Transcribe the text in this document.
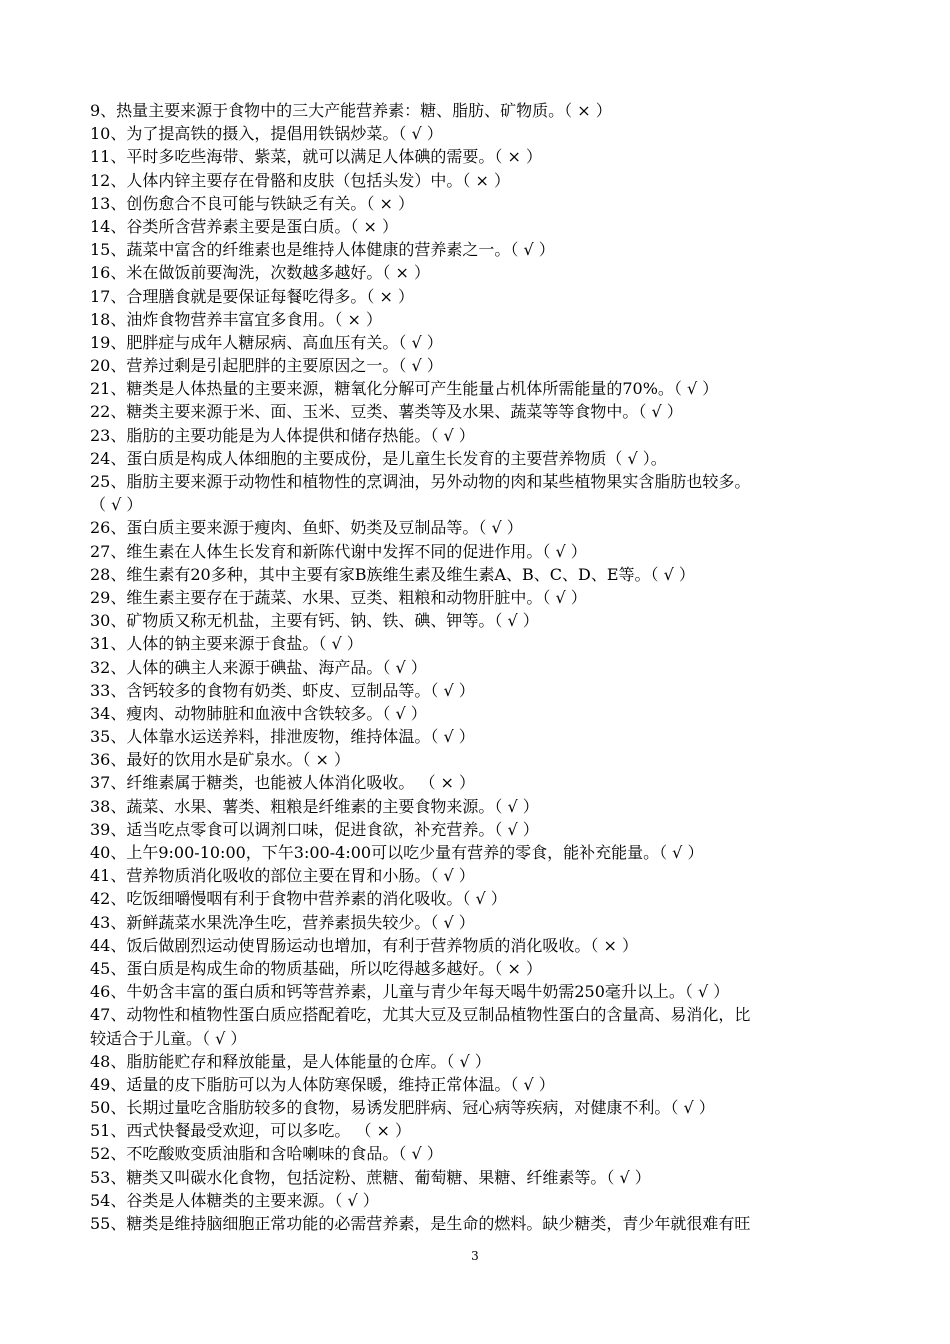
9、热量主要来源于食物中的三大产能营养素：糖、脂肪、矿物质。（ × ）
10、为了提高铁的摄入，提倡用铁锅炒菜。（ √ ）
11、平时多吃些海带、紫菜，就可以满足人体碘的需要。（ × ）
12、人体内锌主要存在骨骼和皮肤（包括头发）中。（ × ）
13、创伤愈合不良可能与铁缺乏有关。（ × ）
14、谷类所含营养素主要是蛋白质。（ × ）
15、蔬菜中富含的纤维素也是维持人体健康的营养素之一。（ √ ）
16、米在做饭前要淘洗，次数越多越好。（ × ）
17、合理膳食就是要保证每餐吃得多。（ × ）
18、油炸食物营养丰富宜多食用。（ × ）
19、肥胖症与成年人糖尿病、高血压有关。（ √ ）
20、营养过剩是引起肥胖的主要原因之一。（ √ ）
21、糖类是人体热量的主要来源，糖氧化分解可产生能量占机体所需能量的70%。（ √ ）
22、糖类主要来源于米、面、玉米、豆类、薯类等及水果、蔬菜等等食物中。（ √ ）
23、脂肪的主要功能是为人体提供和储存热能。（ √ ）
24、蛋白质是构成人体细胞的主要成份，是儿童生长发育的主要营养物质（ √ ）。
25、脂肪主要来源于动物性和植物性的烹调油，另外动物的肉和某些植物果实含脂肪也较多。
（ √ ）
26、蛋白质主要来源于瘦肉、鱼虾、奶类及豆制品等。（ √ ）
27、维生素在人体生长发育和新陈代谢中发挥不同的促进作用。（ √ ）
28、维生素有20多种，其中主要有家B族维生素及维生素A、B、C、D、E等。（ √ ）
29、维生素主要存在于蔬菜、水果、豆类、粗粮和动物肝脏中。（ √ ）
30、矿物质又称无机盐，主要有钙、钠、铁、碘、钾等。（ √ ）
31、人体的钠主要来源于食盐。（ √ ）
32、人体的碘主人来源于碘盐、海产品。（ √ ）
33、含钙较多的食物有奶类、虾皮、豆制品等。（ √ ）
34、瘦肉、动物肺脏和血液中含铁较多。（ √ ）
35、人体靠水运送养料，排泄废物，维持体温。（ √ ）
36、最好的饮用水是矿泉水。（ × ）
37、纤维素属于糖类，也能被人体消化吸收。 （ × ）
38、蔬菜、水果、薯类、粗粮是纤维素的主要食物来源。（ √ ）
39、适当吃点零食可以调剂口味，促进食欲，补充营养。（ √ ）
40、上午9:00-10:00，下午3:00-4:00可以吃少量有营养的零食，能补充能量。（ √ ）
41、营养物质消化吸收的部位主要在胃和小肠。（ √ ）
42、吃饭细嚼慢咽有利于食物中营养素的消化吸收。（ √ ）
43、新鲜蔬菜水果洗净生吃，营养素损失较少。（ √ ）
44、饭后做剧烈运动使胃肠运动也增加，有利于营养物质的消化吸收。（ × ）
45、蛋白质是构成生命的物质基础，所以吃得越多越好。（ × ）
46、牛奶含丰富的蛋白质和钙等营养素，儿童与青少年每天喝牛奶需250毫升以上。（ √ ）
47、动物性和植物性蛋白质应搭配着吃，尤其大豆及豆制品植物性蛋白的含量高、易消化，比
较适合于儿童。（ √ ）
48、脂肪能贮存和释放能量，是人体能量的仓库。（ √ ）
49、适量的皮下脂肪可以为人体防寒保暖，维持正常体温。（ √ ）
50、长期过量吃含脂肪较多的食物，易诱发肥胖病、冠心病等疾病，对健康不利。（ √ ）
51、西式快餐最受欢迎，可以多吃。 （ × ）
52、不吃酸败变质油脂和含哈喇味的食品。（ √ ）
53、糖类又叫碳水化食物，包括淀粉、蔗糖、葡萄糖、果糖、纤维素等。（ √ ）
54、谷类是人体糖类的主要来源。（ √ ）
55、糖类是维持脑细胞正常功能的必需营养素，是生命的燃料。缺少糖类，青少年就很难有旺
3
